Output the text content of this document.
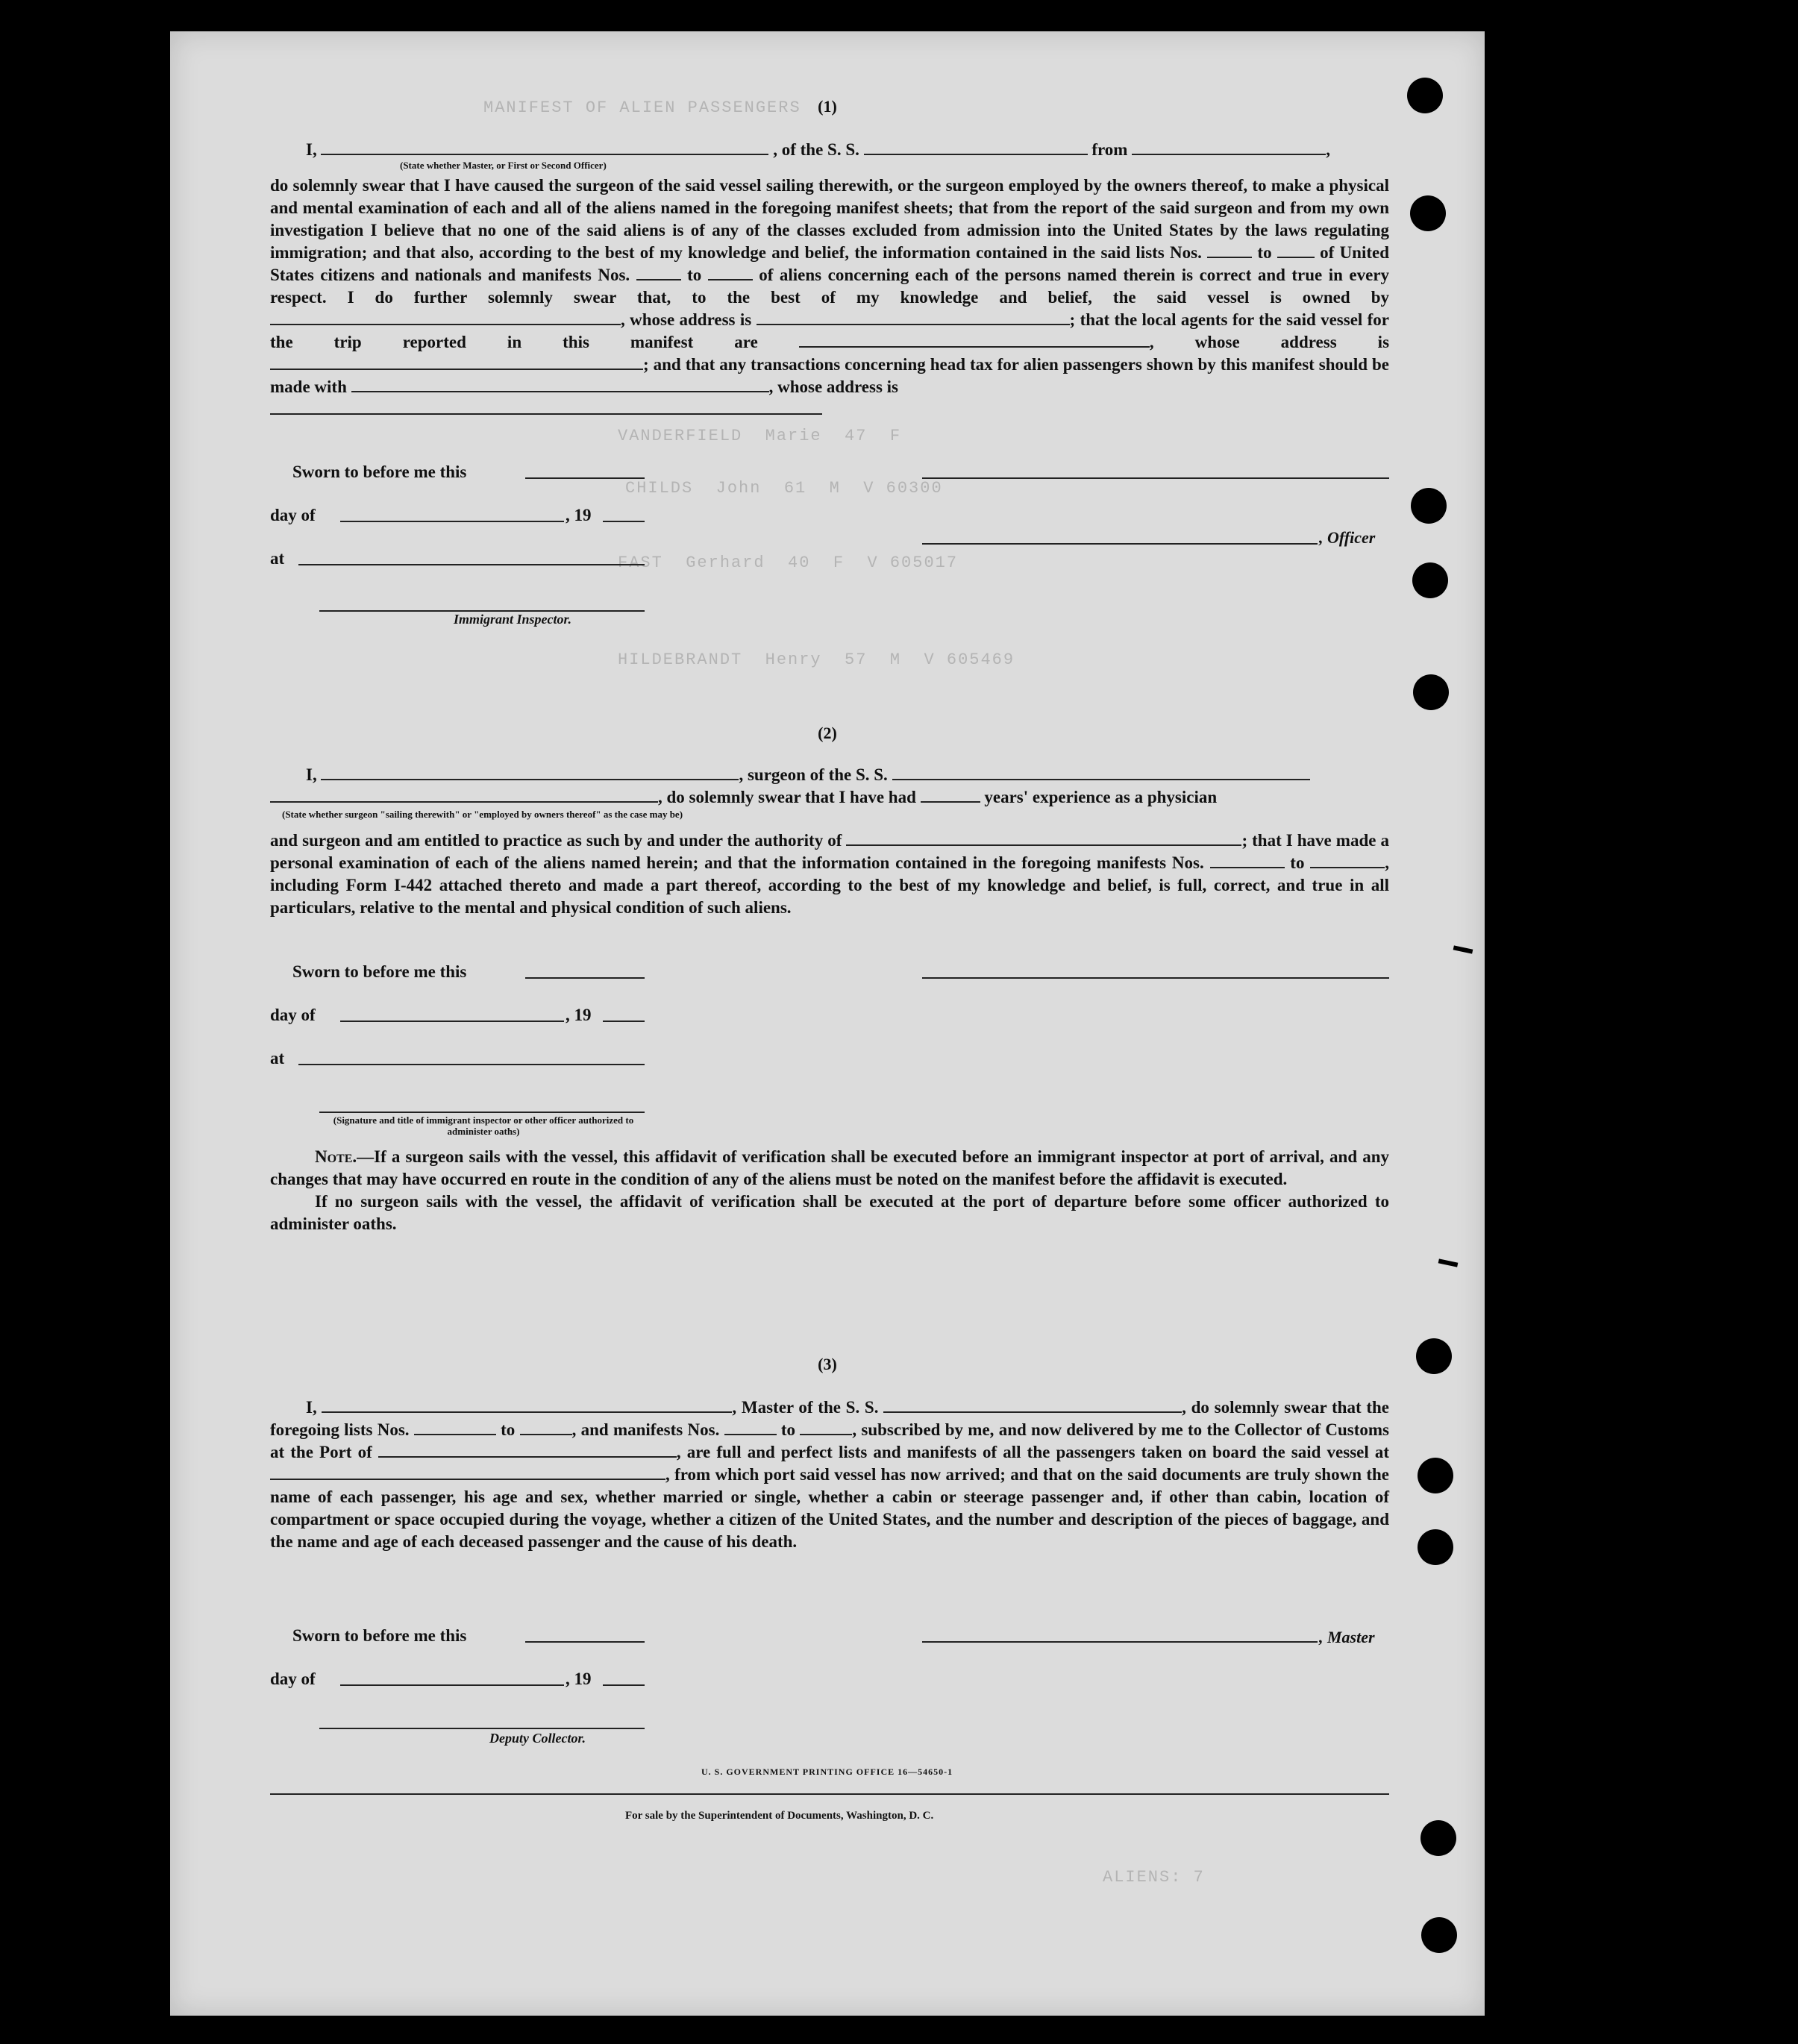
MANIFEST OF ALIEN PASSENGERS
VANDERFIELD  Marie  47  F
CHILDS  John  61  M  V 60300
FAST  Gerhard  40  F  V 605017
HILDEBRANDT  Henry  57  M  V 605469
ALIENS: 7
(1)
I,	, of the S. S.	from	,
(State whether Master, or First or Second Officer)
do solemnly swear that I have caused the surgeon of the said vessel sailing therewith, or the surgeon employed by the owners thereof, to make a physical and mental examination of each and all of the aliens named in the foregoing manifest sheets; that from the report of the said surgeon and from my own investigation I believe that no one of the said aliens is of any of the classes excluded from admission into the United States by the laws regulating immigration; and that also, according to the best of my knowledge and belief, the information contained in the said lists Nos.	to	of United States citizens and nationals and manifests Nos.	to	of aliens concerning each of the persons named therein is correct and true in every respect. I do further solemnly swear that, to the best of my knowledge and belief, the said vessel is owned by , whose address is	; that the local agents for the said vessel for the trip reported in this manifest are	, whose address is ; and that any transactions concerning head tax for alien passengers shown by this manifest should be made with	, whose address is

Sworn to before me this
day of	, 19
at
Immigrant Inspector.
, Officer
(2)
I,	, surgeon of the S. S.
, do solemnly swear that I have had	years' experience as a physician
(State whether surgeon "sailing therewith" or "employed by owners thereof" as the case may be)
and surgeon and am entitled to practice as such by and under the authority of	; that I have made a personal examination of each of the aliens named herein; and that the information contained in the foregoing manifests Nos.	to	, including Form I-442 attached thereto and made a part thereof, according to the best of my knowledge and belief, is full, correct, and true in all particulars, relative to the mental and physical condition of such aliens.
Sworn to before me this
day of	, 19
at
(Signature and title of immigrant inspector or other officer authorized to administer oaths)
Note.—If a surgeon sails with the vessel, this affidavit of verification shall be executed before an immigrant inspector at port of arrival, and any changes that may have occurred en route in the condition of any of the aliens must be noted on the manifest before the affidavit is executed.
If no surgeon sails with the vessel, the affidavit of verification shall be executed at the port of departure before some officer authorized to administer oaths.
(3)
I,	, Master of the S. S.	, do solemnly swear that the foregoing lists Nos.	to	, and manifests Nos.	to	, subscribed by me, and now delivered by me to the Collector of Customs at the Port of	, are full and perfect lists and manifests of all the passengers taken on board the said vessel at , from which port said vessel has now arrived; and that on the said documents are truly shown the name of each passenger, his age and sex, whether married or single, whether a cabin or steerage passenger and, if other than cabin, location of compartment or space occupied during the voyage, whether a citizen of the United States, and the number and description of the pieces of baggage, and the name and age of each deceased passenger and the cause of his death.
Sworn to before me this	, Master
day of	, 19
Deputy Collector.
U. S. GOVERNMENT PRINTING OFFICE 16—54650-1
For sale by the Superintendent of Documents, Washington, D. C.
